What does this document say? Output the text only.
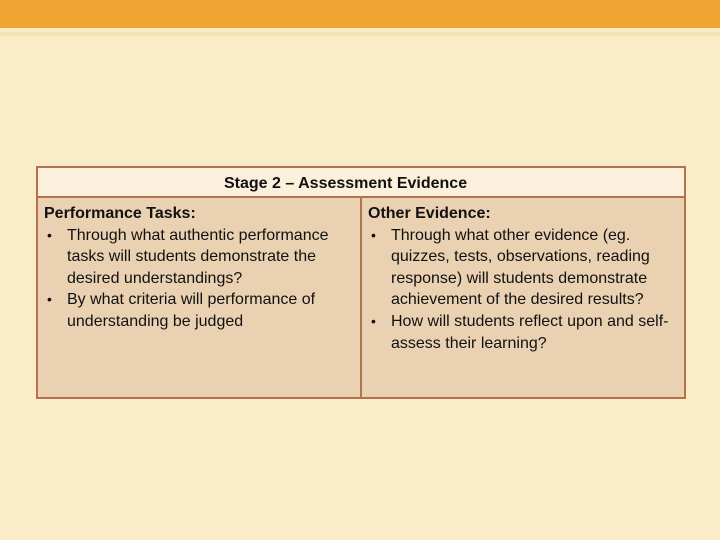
Stage 2 – Assessment Evidence
Performance Tasks:
• Through what authentic performance tasks will students demonstrate the desired understandings?
• By what criteria will performance of understanding be judged
Other Evidence:
• Through what other evidence (eg. quizzes, tests, observations, reading response) will students demonstrate achievement of the desired results?
• How will students reflect upon and self-assess their learning?
